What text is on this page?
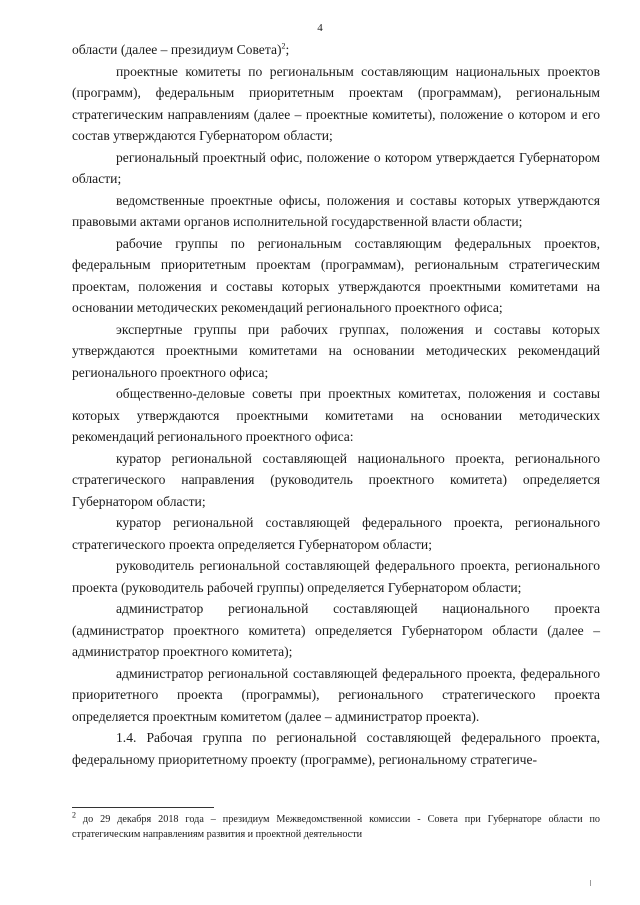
4

области (далее – президиум Совета)$^2$;

проектные комитеты по региональным составляющим национальных проектов (программ), федеральным приоритетным проектам (программам), региональным стратегическим направлениям (далее – проектные комитеты), положение о котором и его состав утверждаются Губернатором области;

региональный проектный офис, положение о котором утверждается Губернатором области;

ведомственные проектные офисы, положения и составы которых утверждаются правовыми актами органов исполнительной государственной власти области;

рабочие группы по региональным составляющим федеральных проектов, федеральным приоритетным проектам (программам), региональным стратегическим проектам, положения и составы которых утверждаются проектными комитетами на основании методических рекомендаций регионального проектного офиса;

экспертные группы при рабочих группах, положения и составы которых утверждаются проектными комитетами на основании методических рекомендаций регионального проектного офиса;

общественно-деловые советы при проектных комитетах, положения и составы которых утверждаются проектными комитетами на основании методических рекомендаций регионального проектного офиса:

куратор региональной составляющей национального проекта, регионального стратегического направления (руководитель проектного комитета) определяется Губернатором области;

куратор региональной составляющей федерального проекта, регионального стратегического проекта определяется Губернатором области;

руководитель региональной составляющей федерального проекта, регионального проекта (руководитель рабочей группы) определяется Губернатором области;

администратор региональной составляющей национального проекта (администратор проектного комитета) определяется Губернатором области (далее – администратор проектного комитета);

администратор региональной составляющей федерального проекта, федерального приоритетного проекта (программы), регионального стратегического проекта определяется проектным комитетом (далее – администратор проекта).

1.4. Рабочая группа по региональной составляющей федерального проекта, федеральному приоритетному проекту (программе), региональному стратегиче-

$^2$ до 29 декабря 2018 года – президиум Межведомственной комиссии - Совета при Губернаторе области по стратегическим направлениям развития и проектной деятельности
